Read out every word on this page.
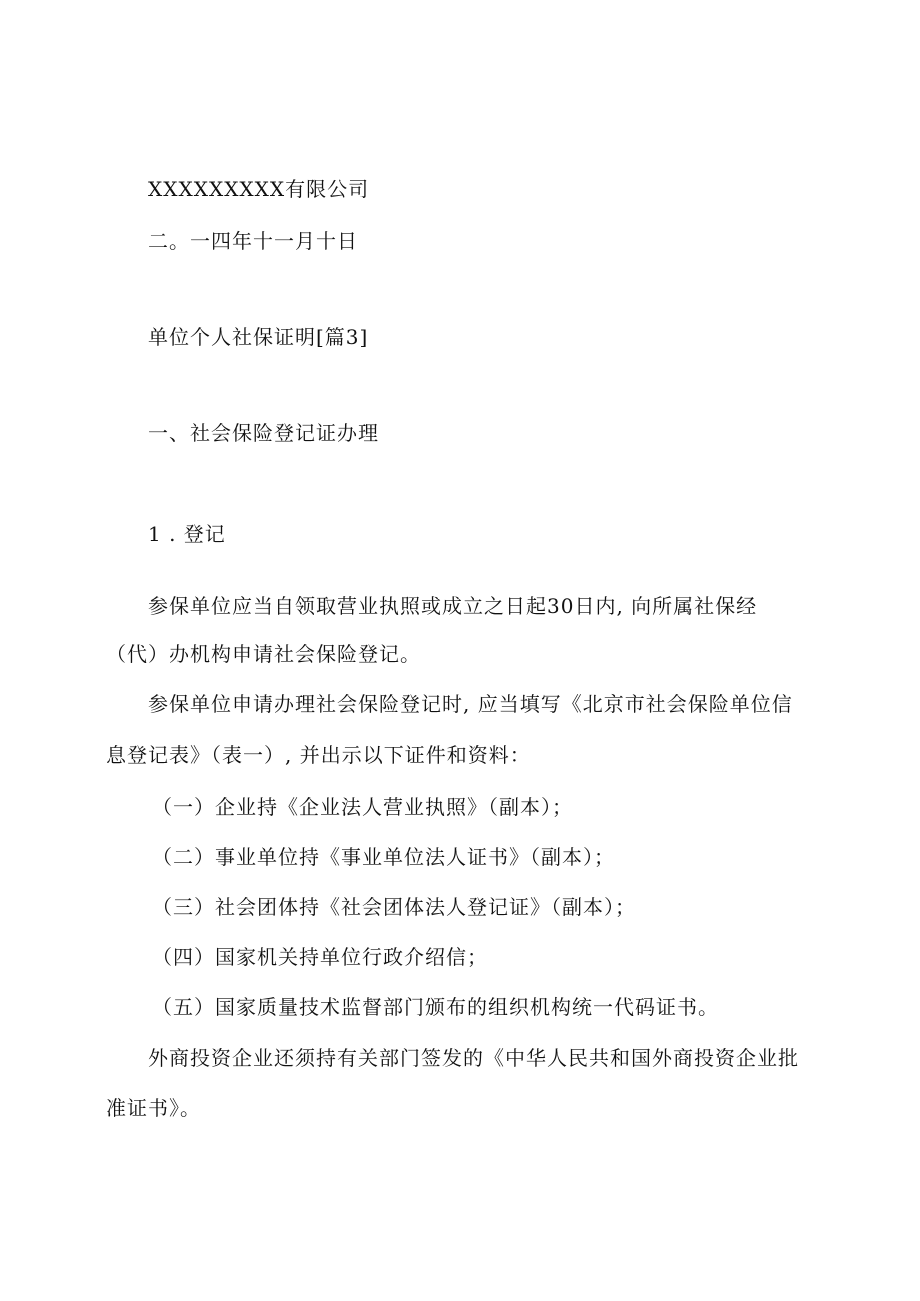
XXXXXXXXX有限公司
二。一四年十一月十日
单位个人社保证明[篇3]
一、社会保险登记证办理
1 . 登记
参保单位应当自领取营业执照或成立之日起30日内, 向所属社保经
（代）办机构申请社会保险登记。
参保单位申请办理社会保险登记时, 应当填写《北京市社会保险单位信
息登记表》（表一）, 并出示以下证件和资料：
（一）企业持《企业法人营业执照》（副本）；
（二）事业单位持《事业单位法人证书》（副本）；
（三）社会团体持《社会团体法人登记证》（副本）；
（四）国家机关持单位行政介绍信；
（五）国家质量技术监督部门颁布的组织机构统一代码证书。
外商投资企业还须持有关部门签发的《中华人民共和国外商投资企业批
准证书》。
